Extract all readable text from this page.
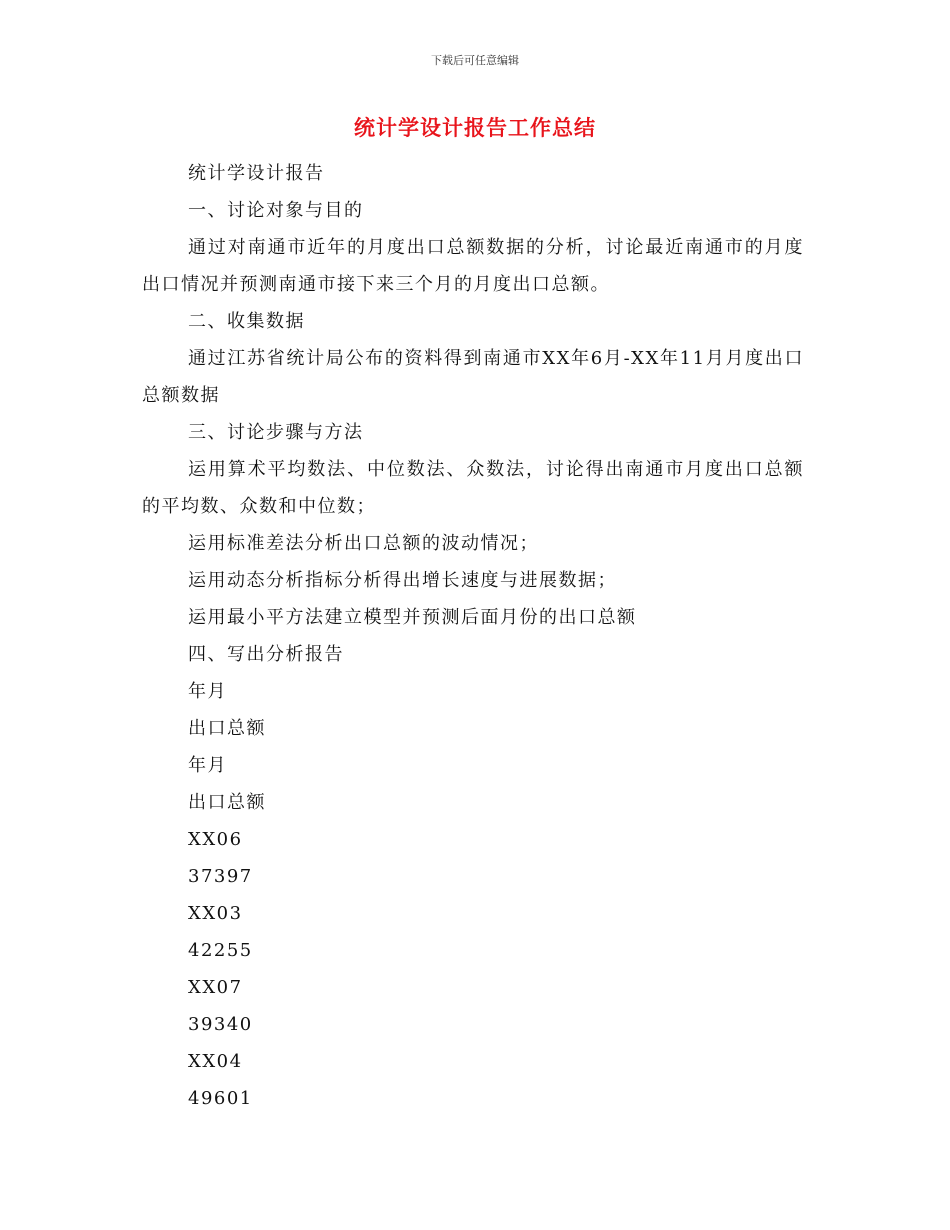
下载后可任意编辑
统计学设计报告工作总结

统计学设计报告

一、讨论对象与目的

通过对南通市近年的月度出口总额数据的分析，讨论最近南通市的月度出口情况并预测南通市接下来三个月的月度出口总额。

二、收集数据

通过江苏省统计局公布的资料得到南通市XX年6月-XX年11月月度出口总额数据

三、讨论步骤与方法

运用算术平均数法、中位数法、众数法，讨论得出南通市月度出口总额的平均数、众数和中位数；

运用标准差法分析出口总额的波动情况；

运用动态分析指标分析得出增长速度与进展数据；

运用最小平方法建立模型并预测后面月份的出口总额

四、写出分析报告

年月

出口总额

年月

出口总额

XX06

37397

XX03

42255

XX07

39340

XX04

49601
